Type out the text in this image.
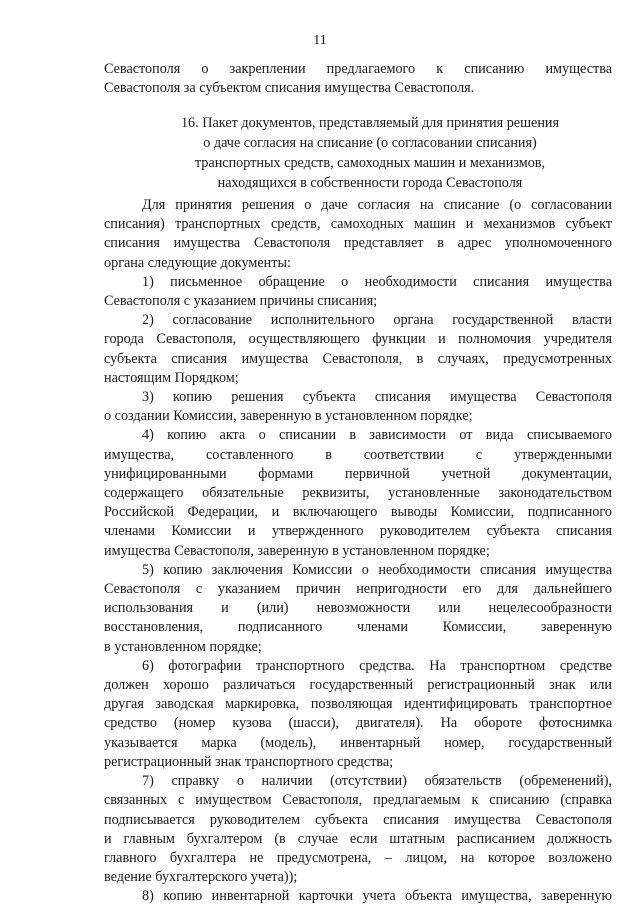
11
Севастополя о закреплении предлагаемого к списанию имущества
Севастополя за субъектом списания имущества Севастополя.
16. Пакет документов, представляемый для принятия решения
о даче согласия на списание (о согласовании списания)
транспортных средств, самоходных машин и механизмов,
находящихся в собственности города Севастополя
Для принятия решения о даче согласия на списание (о согласовании
списания) транспортных средств, самоходных машин и механизмов субъект
списания имущества Севастополя представляет в адрес уполномоченного
органа следующие документы:
1) письменное обращение о необходимости списания имущества
Севастополя с указанием причины списания;
2) согласование исполнительного органа государственной власти
города Севастополя, осуществляющего функции и полномочия учредителя
субъекта списания имущества Севастополя, в случаях, предусмотренных
настоящим Порядком;
3) копию решения субъекта списания имущества Севастополя
о создании Комиссии, заверенную в установленном порядке;
4) копию акта о списании в зависимости от вида списываемого
имущества, составленного в соответствии с утвержденными
унифицированными формами первичной учетной документации,
содержащего обязательные реквизиты, установленные законодательством
Российской Федерации, и включающего выводы Комиссии, подписанного
членами Комиссии и утвержденного руководителем субъекта списания
имущества Севастополя, заверенную в установленном порядке;
5) копию заключения Комиссии о необходимости списания имущества
Севастополя с указанием причин непригодности его для дальнейшего
использования и (или) невозможности или нецелесообразности
восстановления, подписанного членами Комиссии, заверенную
в установленном порядке;
6) фотографии транспортного средства. На транспортном средстве
должен хорошо различаться государственный регистрационный знак или
другая заводская маркировка, позволяющая идентифицировать транспортное
средство (номер кузова (шасси), двигателя). На обороте фотоснимка
указывается марка (модель), инвентарный номер, государственный
регистрационный знак транспортного средства;
7) справку о наличии (отсутствии) обязательств (обременений),
связанных с имуществом Севастополя, предлагаемым к списанию (справка
подписывается руководителем субъекта списания имущества Севастополя
и главным бухгалтером (в случае если штатным расписанием должность
главного бухгалтера не предусмотрена, – лицом, на которое возложено
ведение бухгалтерского учета));
8) копию инвентарной карточки учета объекта имущества, заверенную
